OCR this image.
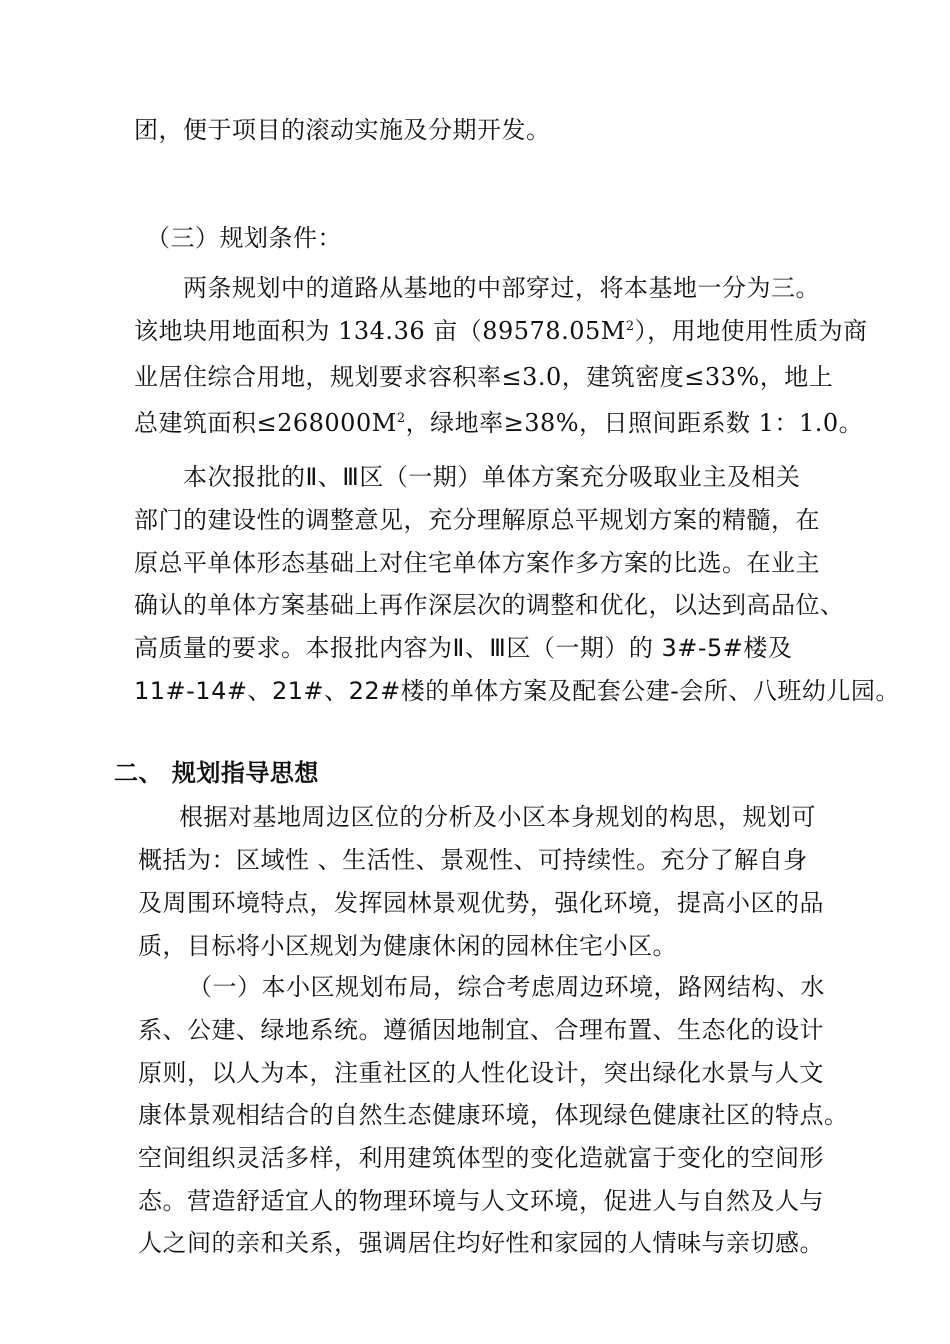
团，便于项目的滚动实施及分期开发。

（三）规划条件：

两条规划中的道路从基地的中部穿过，将本基地一分为三。

该地块用地面积为 134.36 亩$(89578.05M^2)$，用地使用性质为商

业居住综合用地，规划要求容积率≤3.0，建筑密度≤33%，地上

总建筑面积$\le 268000M^2$，绿地率≥38%，日照间距系数 1：1.0。

本次报批的Ⅱ、Ⅲ区（一期）单体方案充分吸取业主及相关

部门的建设性的调整意见，充分理解原总平规划方案的精髓，在

原总平单体形态基础上对住宅单体方案作多方案的比选。在业主

确认的单体方案基础上再作深层次的调整和优化，以达到高品位、

高质量的要求。本报批内容为Ⅱ、Ⅲ区（一期）的 3#-5#楼及

11#-14#、21#、22#楼的单体方案及配套公建-会所、八班幼儿园。

二、 规划指导思想

根据对基地周边区位的分析及小区本身规划的构思，规划可

概括为：区域性 、生活性、景观性、可持续性。充分了解自身

及周围环境特点，发挥园林景观优势，强化环境，提高小区的品

质，目标将小区规划为健康休闲的园林住宅小区。

（一）本小区规划布局，综合考虑周边环境，路网结构、水

系、公建、绿地系统。遵循因地制宜、合理布置、生态化的设计

原则，以人为本，注重社区的人性化设计，突出绿化水景与人文

康体景观相结合的自然生态健康环境，体现绿色健康社区的特点。

空间组织灵活多样，利用建筑体型的变化造就富于变化的空间形

态。营造舒适宜人的物理环境与人文环境，促进人与自然及人与

人之间的亲和关系，强调居住均好性和家园的人情味与亲切感。
